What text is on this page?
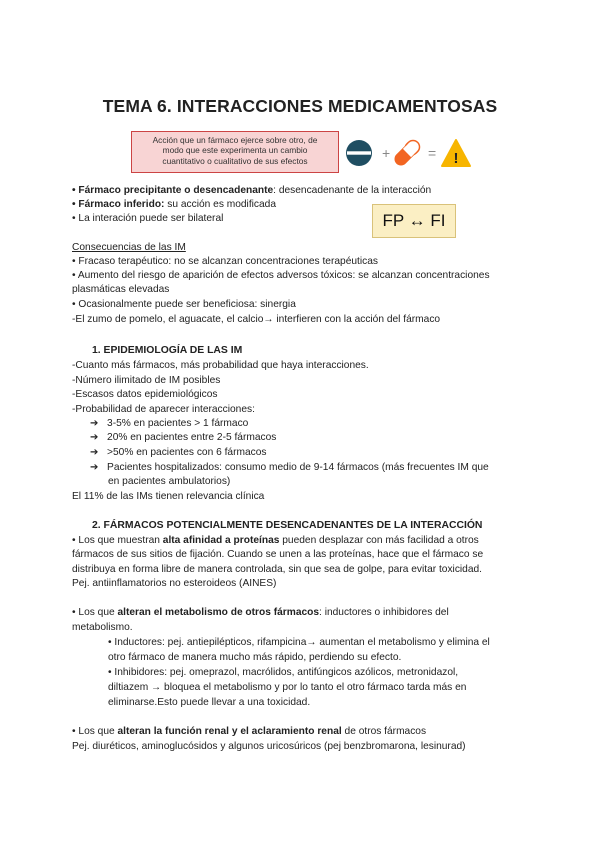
TEMA 6. INTERACCIONES MEDICAMENTOSAS
Acción que un fármaco ejerce sobre otro, de
modo que este experimenta un cambio
cuantitativo o cualitativo de sus efectos	+	= !
FP ↔ FI
• Fármaco precipitante o desencadenante: desencadenante de la interacción
• Fármaco inferido: su acción es modificada
• La interación puede ser bilateral
Consecuencias de las IM
• Fracaso terapéutico: no se alcanzan concentraciones terapéuticas
• Aumento del riesgo de aparición de efectos adversos tóxicos: se alcanzan concentraciones
plasmáticas elevadas
• Ocasionalmente puede ser beneficiosa: sinergia
-El zumo de pomelo, el aguacate, el calcio→ interfieren con la acción del fármaco
1. EPIDEMIOLOGÍA DE LAS IM
-Cuanto más fármacos, más probabilidad que haya interacciones.
-Número ilimitado de IM posibles
-Escasos datos epidemiológicos
-Probabilidad de aparecer interacciones:
➔ 3-5% en pacientes > 1 fármaco
➔ 20% en pacientes entre 2-5 fármacos
➔ >50% en pacientes con 6 fármacos
➔ Pacientes hospitalizados: consumo medio de 9-14 fármacos (más frecuentes IM que
en pacientes ambulatorios)
El 11% de las IMs tienen relevancia clínica
2. FÁRMACOS POTENCIALMENTE DESENCADENANTES DE LA INTERACCIÓN
• Los que muestran alta afinidad a proteínas pueden desplazar con más facilidad a otros
fármacos de sus sitios de fijación. Cuando se unen a las proteínas, hace que el fármaco se
distribuya en forma libre de manera controlada, sin que sea de golpe, para evitar toxicidad.
Pej. antiinflamatorios no esteroideos (AINES)
• Los que alteran el metabolismo de otros fármacos: inductores o inhibidores del
metabolismo.
• Inductores: pej. antiepilépticos, rifampicina→ aumentan el metabolismo y elimina el
otro fármaco de manera mucho más rápido, perdiendo su efecto.
• Inhibidores: pej. omeprazol, macrólidos, antifúngicos azólicos, metronidazol,
diltiazem → bloquea el metabolismo y por lo tanto el otro fármaco tarda más en
eliminarse.Esto puede llevar a una toxicidad.
• Los que alteran la función renal y el aclaramiento renal de otros fármacos
Pej. diuréticos, aminoglucósidos y algunos uricosúricos (pej benzbromarona, lesinurad)
